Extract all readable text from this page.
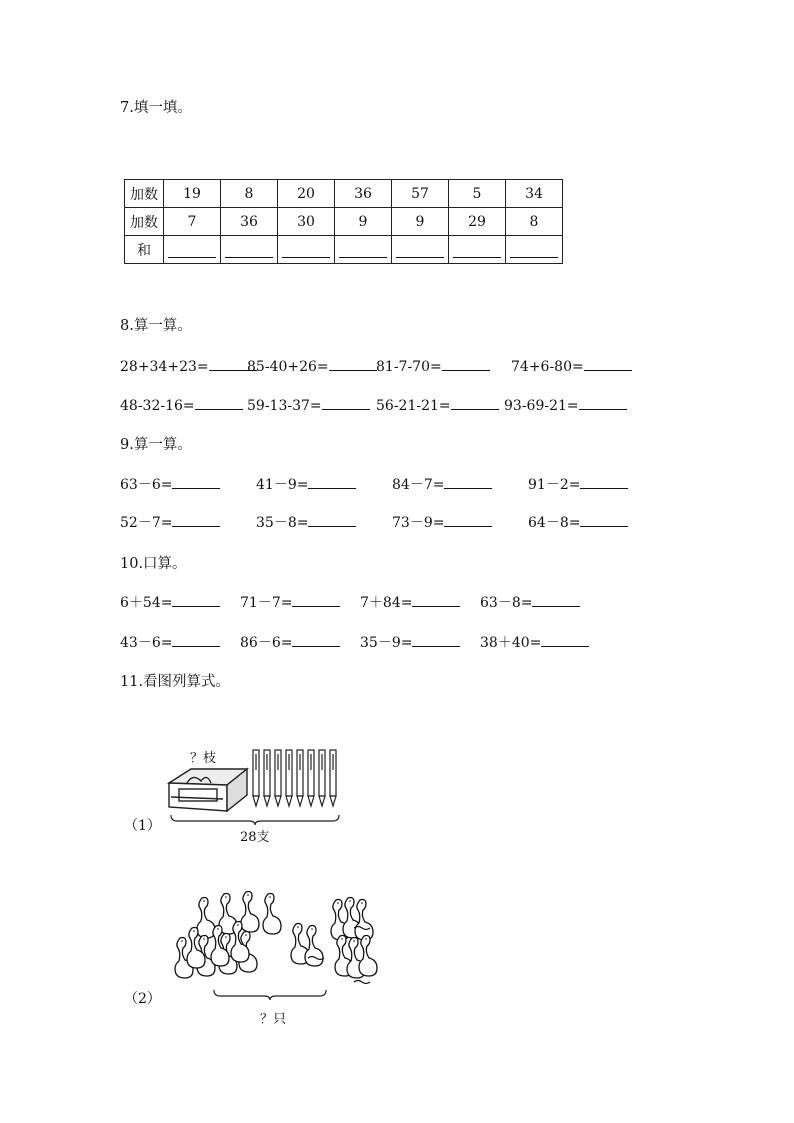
7.填一填。
加数	19	8	20	36	57	5	34
加数	7	36	30	9	9	29	8
和							
8.算一算。
28+34+23=	85-40+26=	81-7-70=	74+6-80=
48-32-16=	59-13-37=	56-21-21=	93-69-21=
9.算一算。
63－6=	41－9=	84－7=	91－2=
52－7=	35－8=	73－9=	64－8=
10.口算。
6＋54=	71－7=	7＋84=	63－8=
43－6=	86－6=	35－9=	38＋40=
11.看图列算式。
（1）
？枝
28支
（2）
？只
